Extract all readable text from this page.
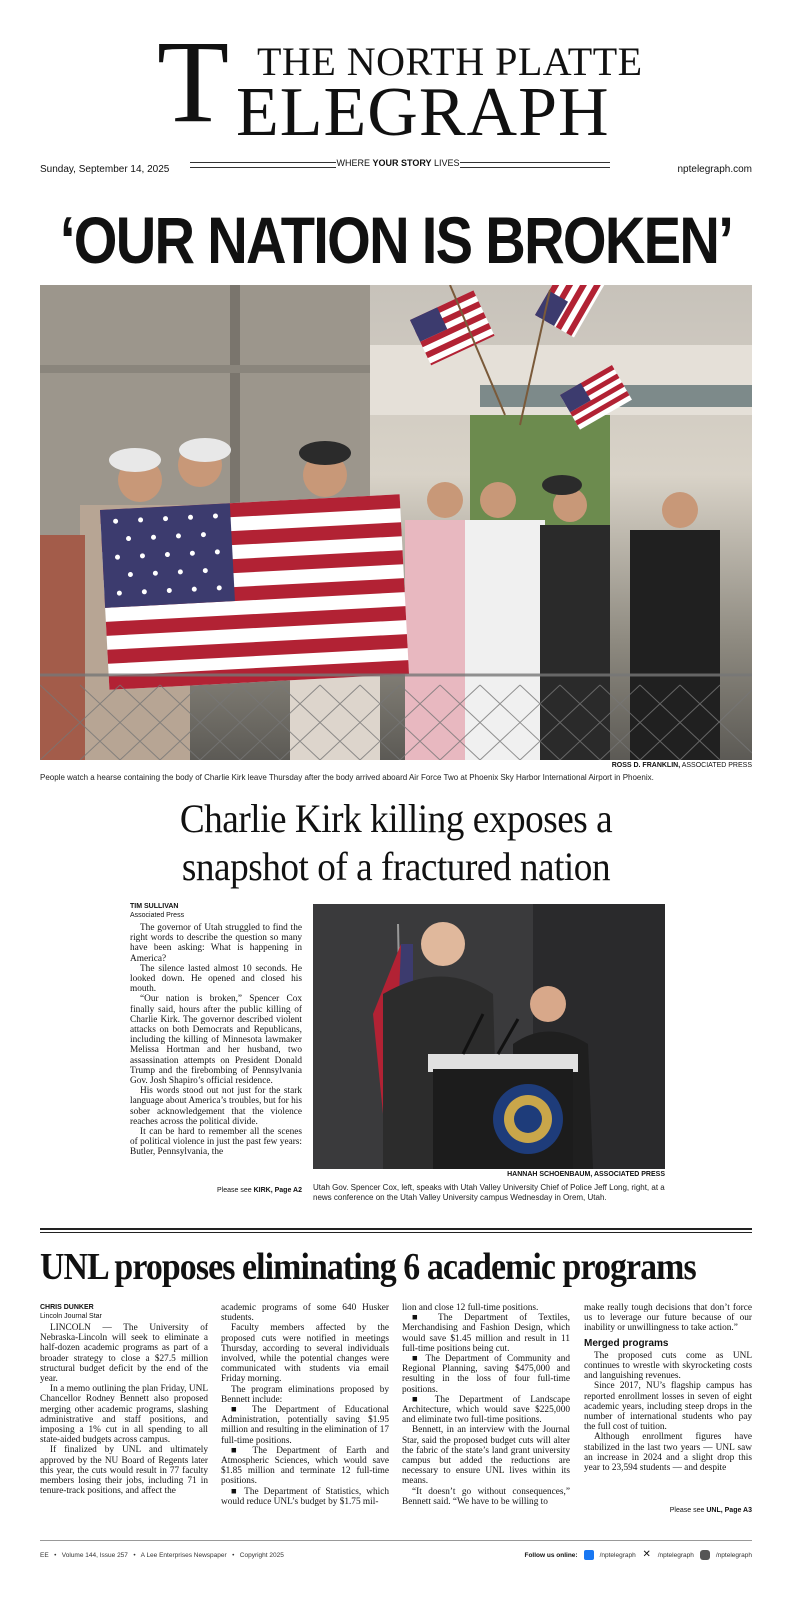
T THE NORTH PLATTE
ELEGRAPH
Sunday, September 14, 2025
WHERE YOUR STORY LIVES
nptelegraph.com
‘OUR NATION IS BROKEN’
ROSS D. FRANKLIN, ASSOCIATED PRESS
People watch a hearse containing the body of Charlie Kirk leave Thursday after the body arrived aboard Air Force Two at Phoenix Sky Harbor International Airport in Phoenix.
Charlie Kirk killing exposes a
snapshot of a fractured nation
TIM SULLIVAN
Associated Press

The governor of Utah struggled to find the right words to describe the question so many have been asking: What is happening in America?

The silence lasted almost 10 seconds. He looked down. He opened and closed his mouth.

“Our nation is broken,” Spencer Cox finally said, hours after the public killing of Charlie Kirk. The governor described violent attacks on both Democrats and Republicans, including the killing of Minnesota lawmaker Melissa Hortman and her husband, two assassination attempts on President Donald Trump and the firebombing of Pennsylvania Gov. Josh Shapiro’s official residence.

His words stood out not just for the stark language about America’s troubles, but for his sober acknowledgement that the violence reaches across the political divide.

It can be hard to remember all the scenes of political violence in just the past few years: Butler, Pennsylvania, the

Please see KIRK, Page A2
HANNAH SCHOENBAUM, ASSOCIATED PRESS
Utah Gov. Spencer Cox, left, speaks with Utah Valley University Chief of Police Jeff Long, right, at a news conference on the Utah Valley University campus Wednesday in Orem, Utah.
UNL proposes eliminating 6 academic programs
CHRIS DUNKER
Lincoln Journal Star

LINCOLN — The University of Nebraska-Lincoln will seek to eliminate a half-dozen academic programs as part of a broader strategy to close a $27.5 million structural budget deficit by the end of the year.

In a memo outlining the plan Friday, UNL Chancellor Rodney Bennett also proposed merging other academic programs, slashing administrative and staff positions, and imposing a 1% cut in all spending to all state-aided budgets across campus.

If finalized by UNL and ultimately approved by the NU Board of Regents later this year, the cuts would result in 77 faculty members losing their jobs, including 71 in tenure-track positions, and affect the

academic programs of some 640 Husker students.

Faculty members affected by the proposed cuts were notified in meetings Thursday, according to several individuals involved, while the potential changes were communicated with students via email Friday morning.

The program eliminations proposed by Bennett include:

■ The Department of Educational Administration, potentially saving $1.95 million and resulting in the elimination of 17 full-time positions.

■ The Department of Earth and Atmospheric Sciences, which would save $1.85 million and terminate 12 full-time positions.

■ The Department of Statistics, which would reduce UNL’s budget by $1.75 mil-

lion and close 12 full-time positions.

■ The Department of Textiles, Merchandising and Fashion Design, which would save $1.45 million and result in 11 full-time positions being cut.

■ The Department of Community and Regional Planning, saving $475,000 and resulting in the loss of four full-time positions.

■ The Department of Landscape Architecture, which would save $225,000 and eliminate two full-time positions.

Bennett, in an interview with the Journal Star, said the proposed budget cuts will alter the fabric of the state’s land grant university campus but added the reductions are necessary to ensure UNL lives within its means.

“It doesn’t go without consequences,” Bennett said. “We have to be willing to

make really tough decisions that don’t force us to leverage our future because of our inability or unwillingness to take action.”

Merged programs

The proposed cuts come as UNL continues to wrestle with skyrocketing costs and languishing revenues.

Since 2017, NU’s flagship campus has reported enrollment losses in seven of eight academic years, including steep drops in the number of international students who pay the full cost of tuition.

Although enrollment figures have stabilized in the last two years — UNL saw an increase in 2024 and a slight drop this year to 23,594 students — and despite

Please see UNL, Page A3
EE   •   Volume 144, Issue 257   •   A Lee Enterprises Newspaper   •   Copyright 2025	Follow us online:	/nptelegraph ✕ /nptelegraph	/nptelegraph
